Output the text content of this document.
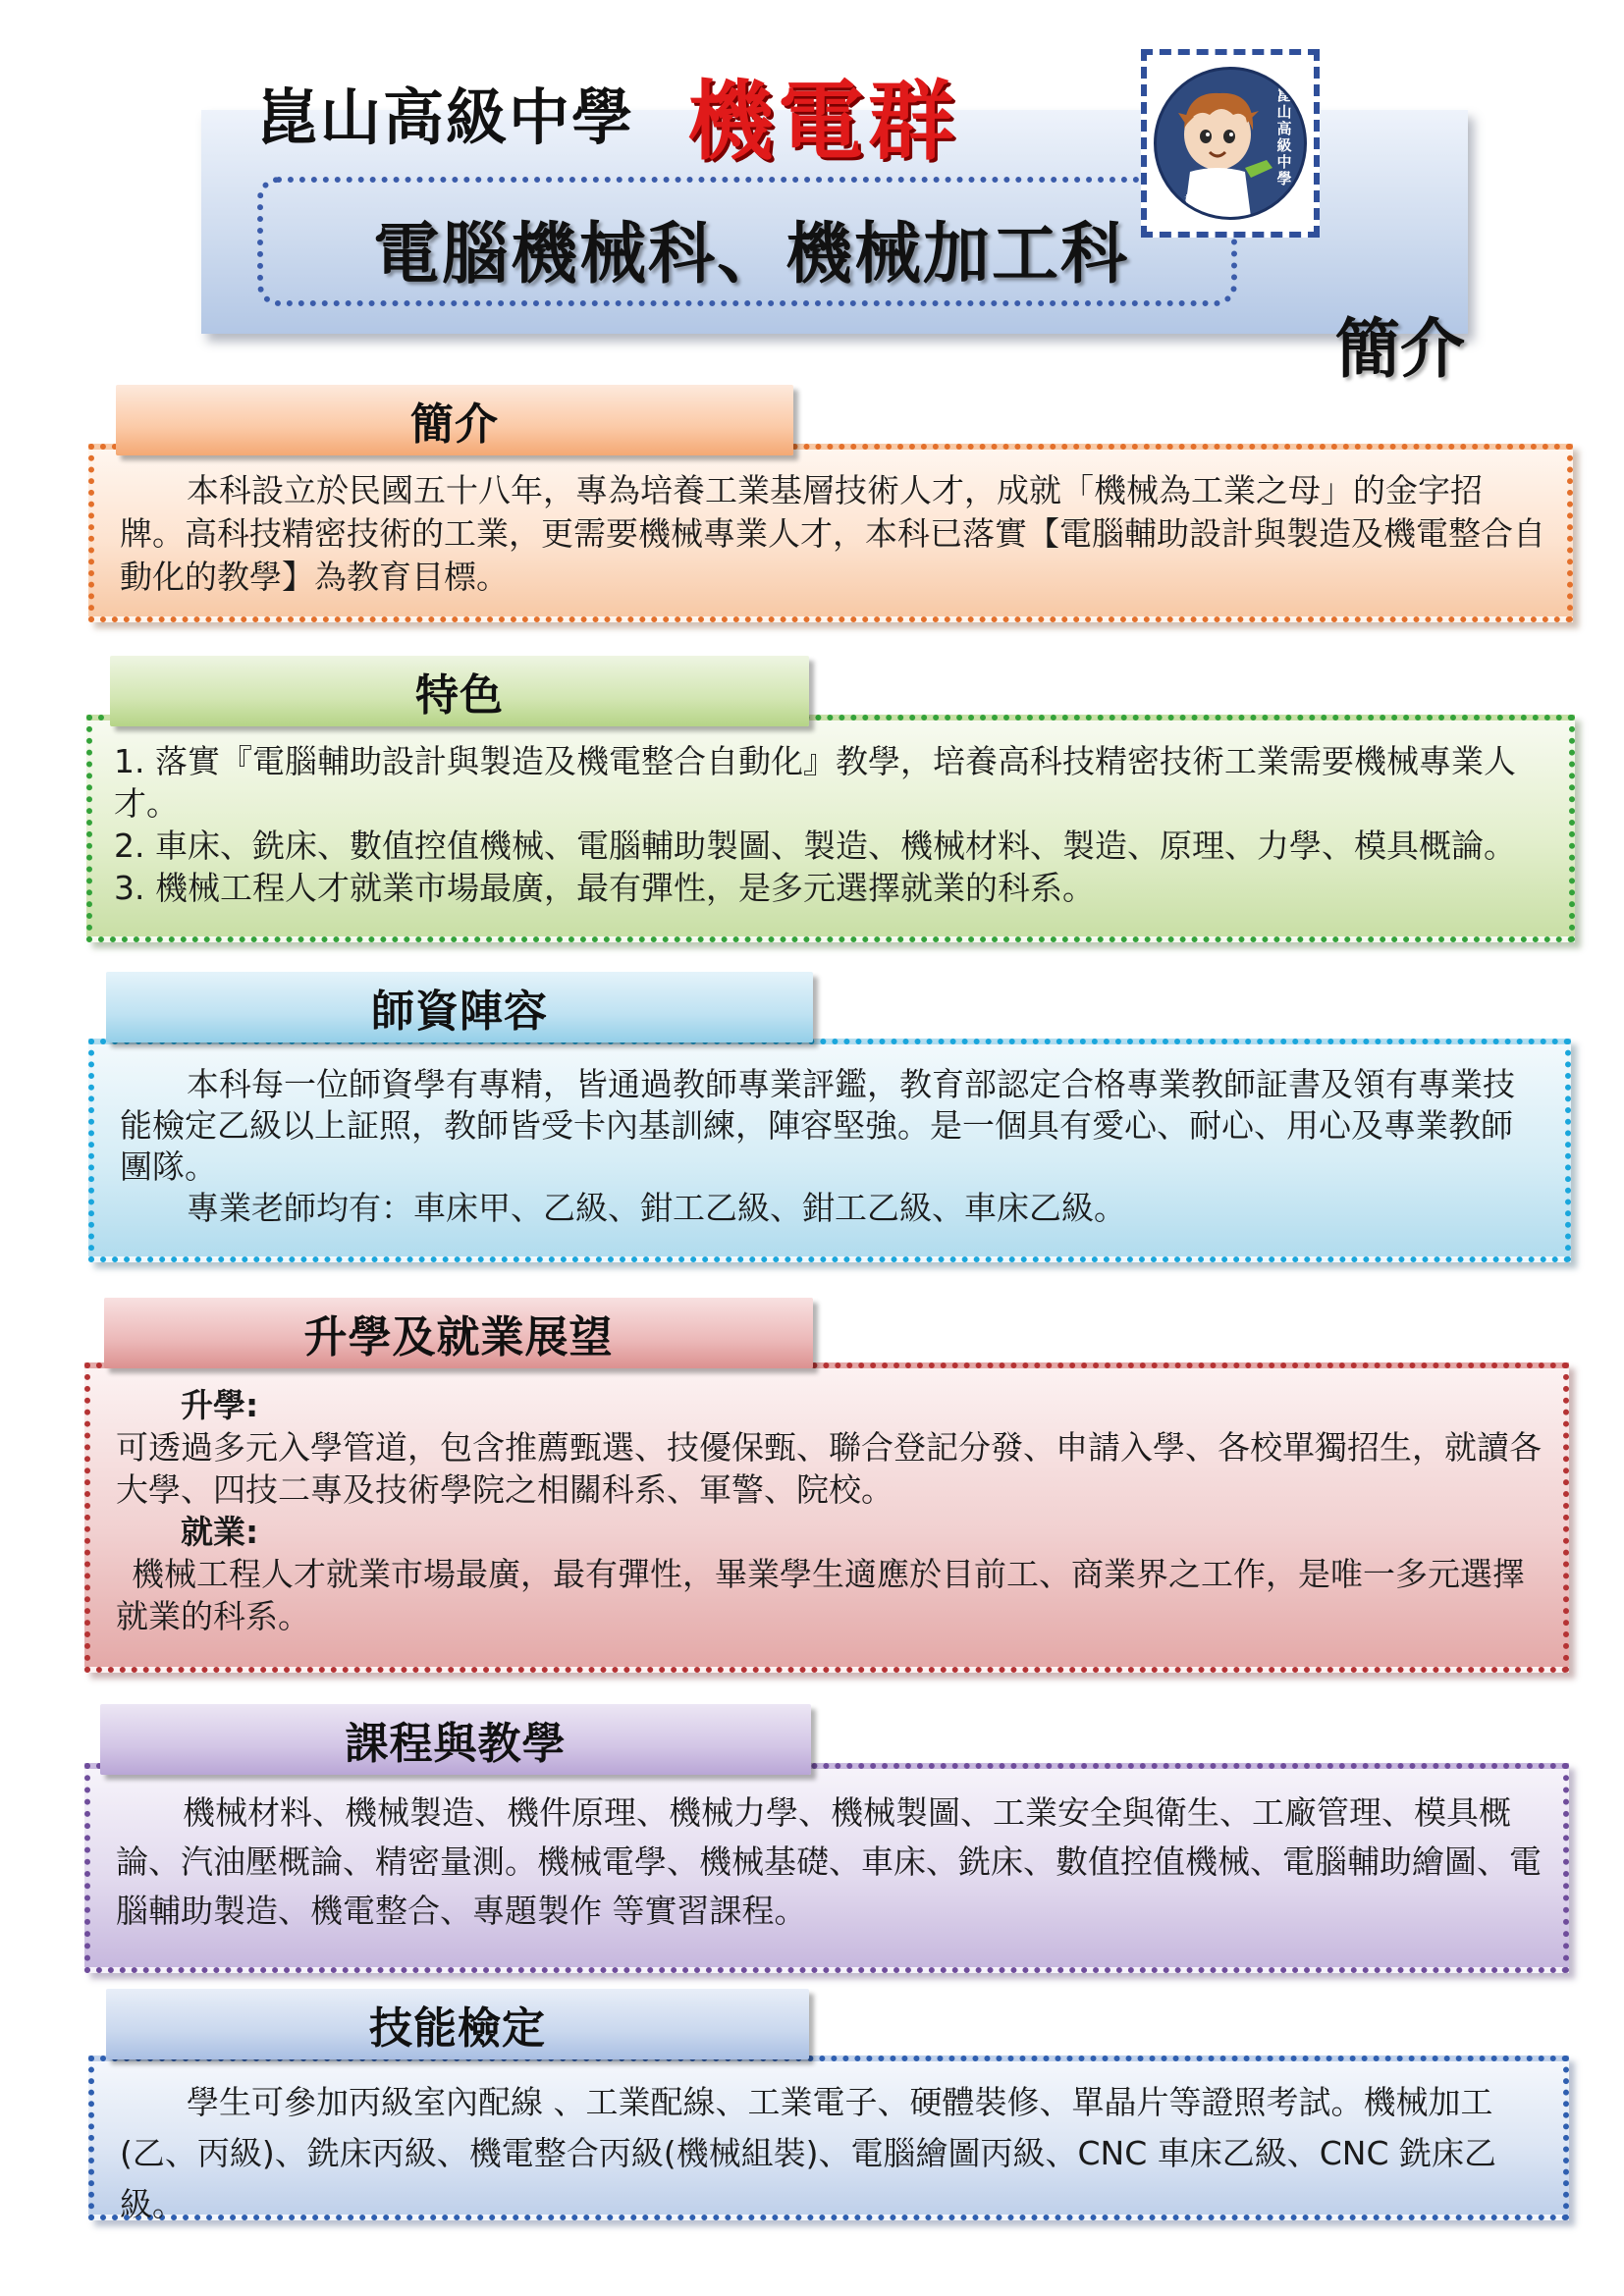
崑山高級中學 機電群
電腦機械科、機械加工科
簡介
崑山高級中學
機械科圖書
簡介

本科設立於民國五十八年，專為培養工業基層技術人才，成就「機械為工業之母」的金字招牌。高科技精密技術的工業，更需要機械專業人才，本科已落實【電腦輔助設計與製造及機電整合自動化的教學】為教育目標。

特色

1. 落實『電腦輔助設計與製造及機電整合自動化』教學，培養高科技精密技術工業需要機械專業人才。

2. 車床、銑床、數值控值機械、電腦輔助製圖、製造、機械材料、製造、原理、力學、模具概論。

3. 機械工程人才就業市場最廣，最有彈性，是多元選擇就業的科系。

師資陣容

本科每一位師資學有專精，皆通過教師專業評鑑，教育部認定合格專業教師証書及領有專業技能檢定乙級以上証照，教師皆受卡內基訓練，陣容堅強。是一個具有愛心、耐心、用心及專業教師團隊。

專業老師均有：車床甲、乙級、鉗工乙級、鉗工乙級、車床乙級。

升學及就業展望

升學:

可透過多元入學管道，包含推薦甄選、技優保甄、聯合登記分發、申請入學、各校單獨招生，就讀各大學、四技二專及技術學院之相關科系、軍警、院校。

就業:

機械工程人才就業市場最廣，最有彈性，畢業學生適應於目前工、商業界之工作，是唯一多元選擇就業的科系。

課程與教學

機械材料、機械製造、機件原理、機械力學、機械製圖、工業安全與衛生、工廠管理、模具概論、汽油壓概論、精密量測。機械電學、機械基礎、車床、銑床、數值控值機械、電腦輔助繪圖、電腦輔助製造、機電整合、專題製作 等實習課程。

技能檢定

學生可參加丙級室內配線 、工業配線、工業電子、硬體裝修、單晶片等證照考試。機械加工(乙、丙級)、銑床丙級、機電整合丙級(機械組裝)、電腦繪圖丙級、CNC 車床乙級、CNC 銑床乙級。
